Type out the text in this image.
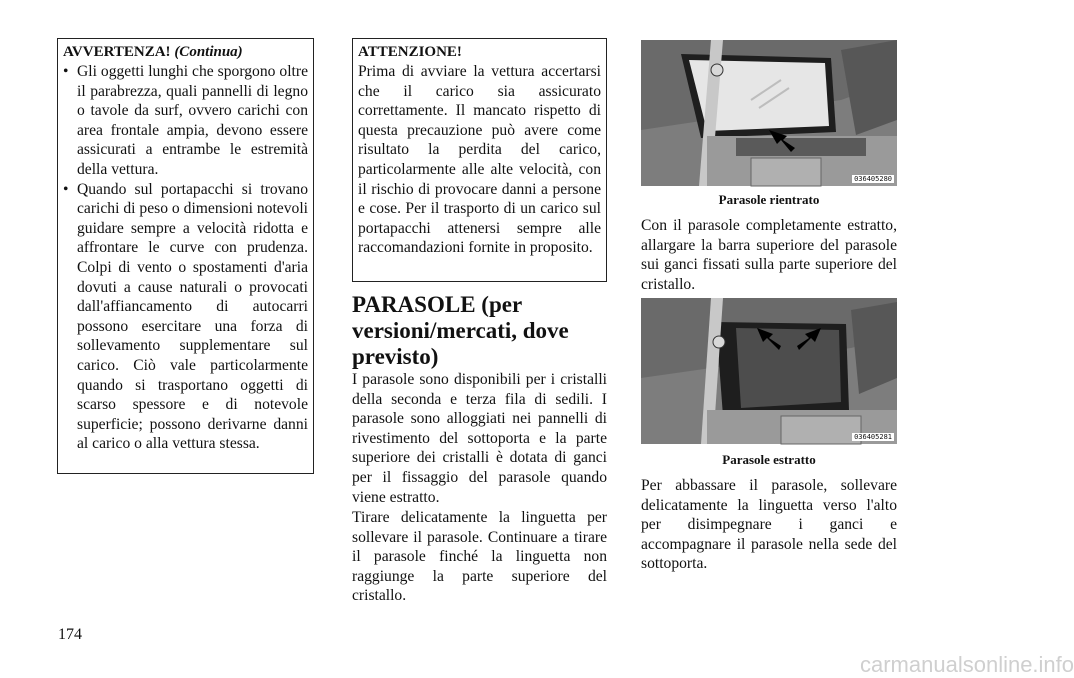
AVVERTENZA! (Continua)
• Gli oggetti lunghi che sporgono oltre il parabrezza, quali pannelli di legno o tavole da surf, ovvero carichi con area frontale ampia, devono essere assicurati a entrambe le estremità della vettura.
• Quando sul portapacchi si trovano carichi di peso o dimensioni notevoli guidare sempre a velocità ridotta e affrontare le curve con prudenza. Colpi di vento o spostamenti d'aria dovuti a cause naturali o provocati dall'affiancamento di autocarri possono esercitare una forza di sollevamento supplementare sul carico. Ciò vale particolarmente quando si trasportano oggetti di scarso spessore e di notevole superficie; possono derivarne danni al carico o alla vettura stessa.
ATTENZIONE!
Prima di avviare la vettura accertarsi che il carico sia assicurato correttamente. Il mancato rispetto di questa precauzione può avere come risultato la perdita del carico, particolarmente alle alte velocità, con il rischio di provocare danni a persone e cose. Per il trasporto di un carico sul portapacchi attenersi sempre alle raccomandazioni fornite in proposito.
PARASOLE (per versioni/mercati, dove previsto)

I parasole sono disponibili per i cristalli della seconda e terza fila di sedili. I parasole sono alloggiati nei pannelli di rivestimento del sottoporta e la parte superiore dei cristalli è dotata di ganci per il fissaggio del parasole quando viene estratto.

Tirare delicatamente la linguetta per sollevare il parasole. Continuare a tirare il parasole finché la linguetta non raggiunge la parte superiore del cristallo.

036405280
Parasole rientrato

Con il parasole completamente estratto, allargare la barra superiore del parasole sui ganci fissati sulla parte superiore del cristallo.

036405281
Parasole estratto

Per abbassare il parasole, sollevare delicatamente la linguetta verso l'alto per disimpegnare i ganci e accompagnare il parasole nella sede del sottoporta.

174
carmanualsonline.info
